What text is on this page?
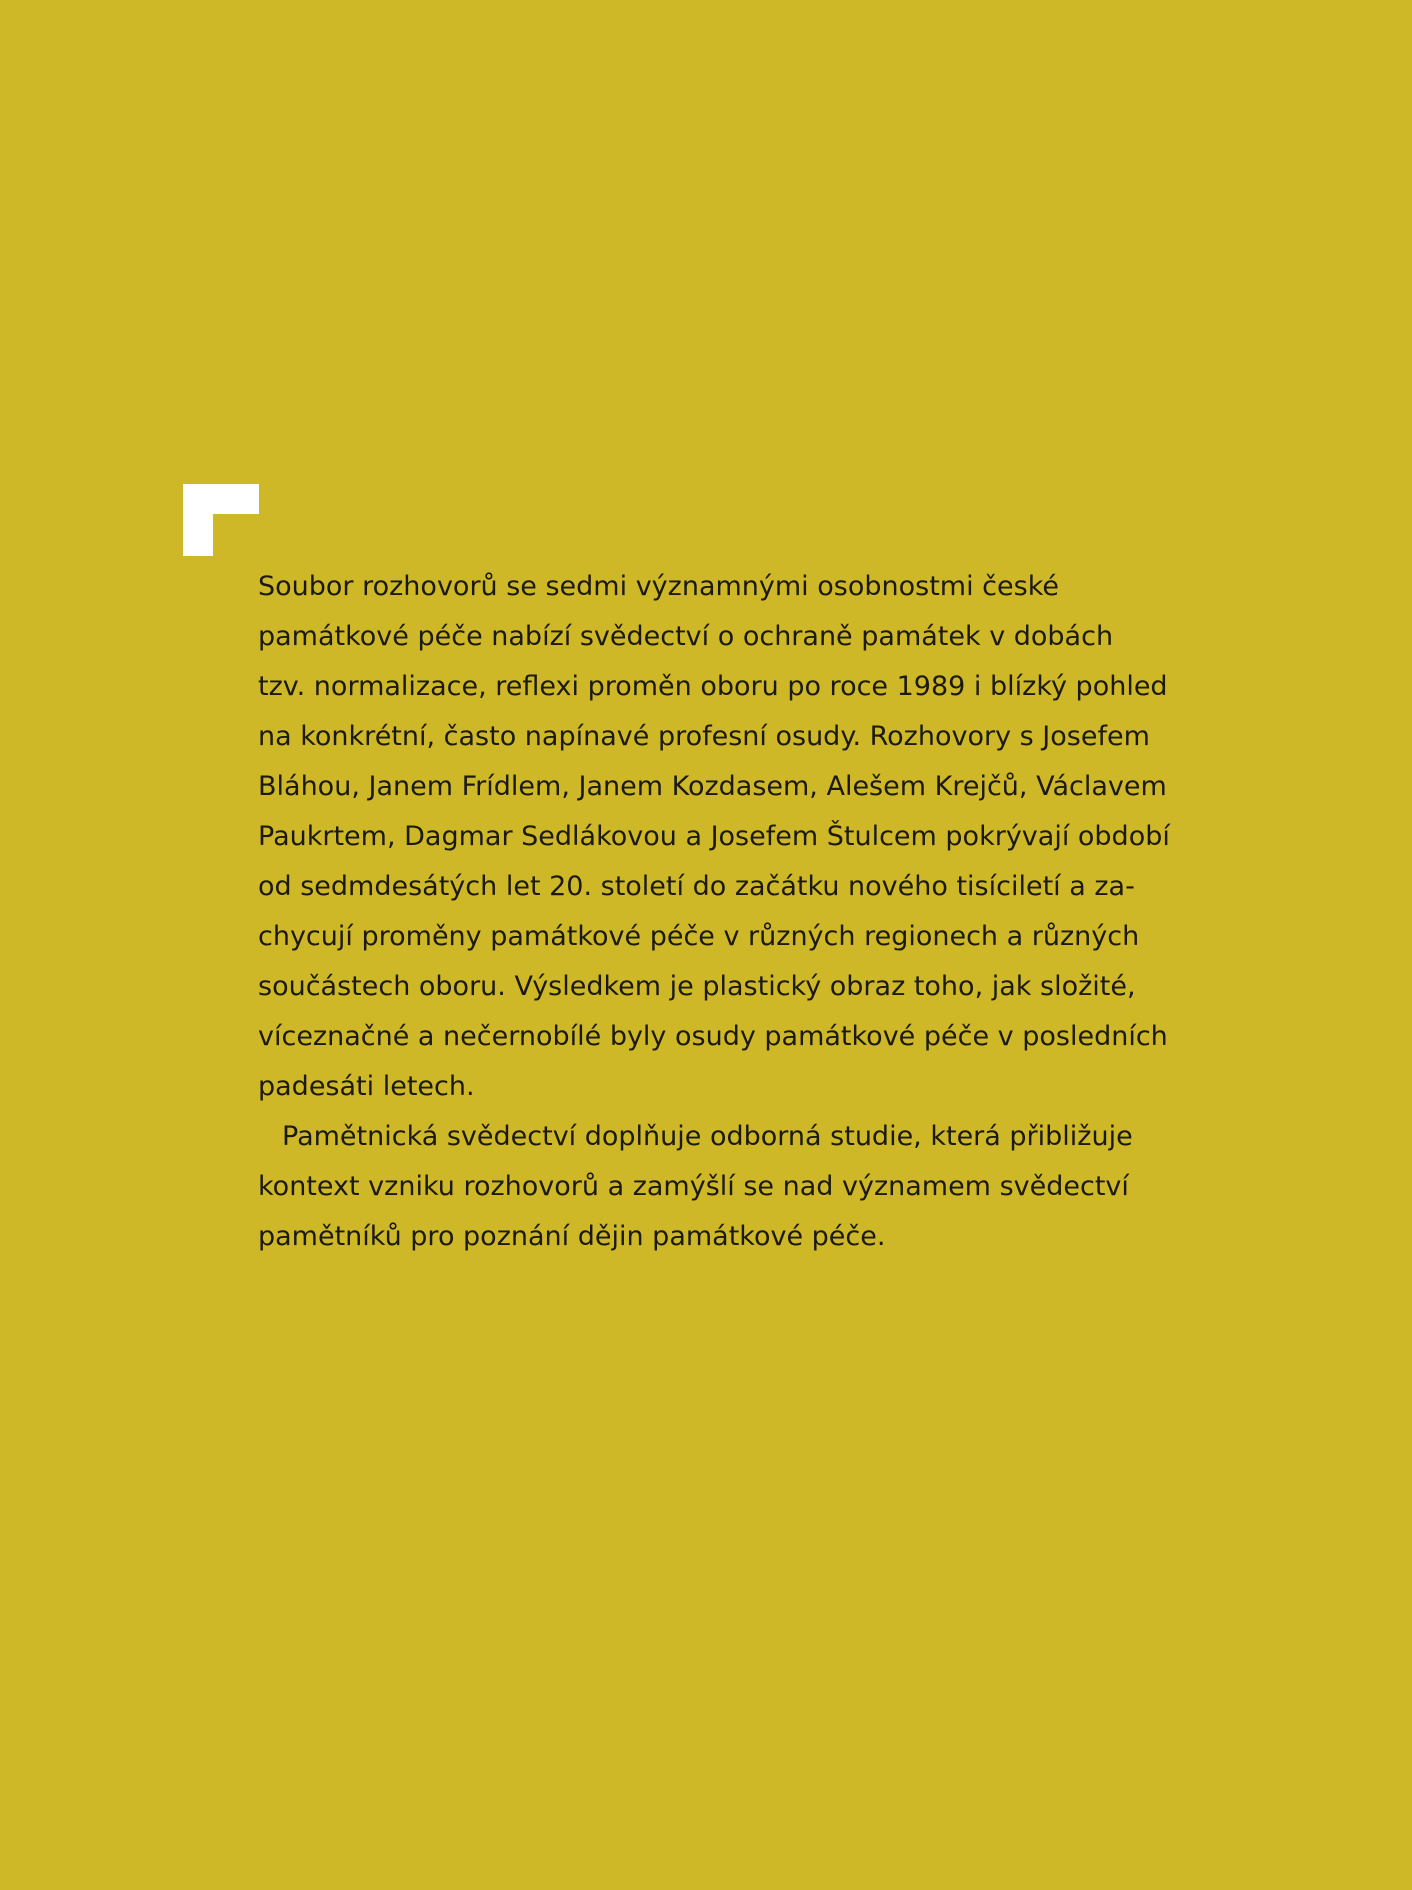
Soubor rozhovorů se sedmi významnými osobnostmi české
památkové péče nabízí svědectví o ochraně památek v dobách
tzv. normalizace, reflexi proměn oboru po roce 1989 i blízký pohled
na konkrétní, často napínavé profesní osudy. Rozhovory s Josefem
Bláhou, Janem Frídlem, Janem Kozdasem, Alešem Krejčů, Václavem
Paukrtem, Dagmar Sedlákovou a Josefem Štulcem pokrývají období
od sedmdesátých let 20. století do začátku nového tisíciletí a za-
chycují proměny památkové péče v různých regionech a různých
součástech oboru. Výsledkem je plastický obraz toho, jak složité,
víceznačné a nečernobílé byly osudy památkové péče v posledních
padesáti letech.

Pamětnická svědectví doplňuje odborná studie, která přibližuje
kontext vzniku rozhovorů a zamýšlí se nad významem svědectví
pamětníků pro poznání dějin památkové péče.
